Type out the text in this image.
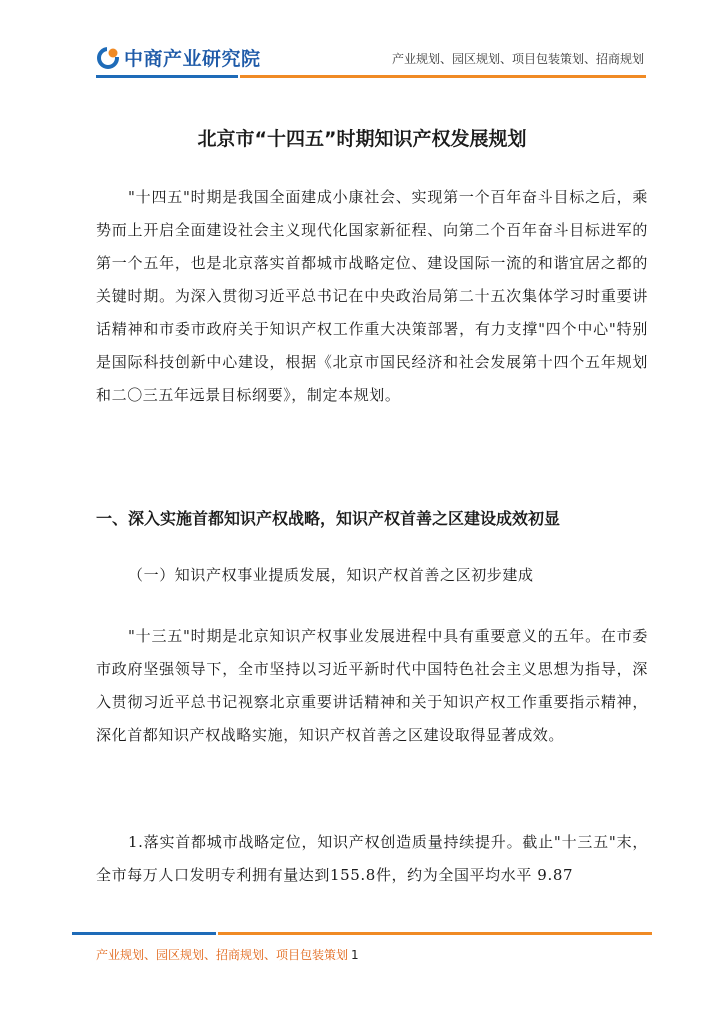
中商产业研究院	产业规划、园区规划、项目包装策划、招商规划
北京市“十四五”时期知识产权发展规划
"十四五"时期是我国全面建成小康社会、实现第一个百年奋斗目标之后，乘势而上开启全面建设社会主义现代化国家新征程、向第二个百年奋斗目标进军的第一个五年，也是北京落实首都城市战略定位、建设国际一流的和谐宜居之都的关键时期。为深入贯彻习近平总书记在中央政治局第二十五次集体学习时重要讲话精神和市委市政府关于知识产权工作重大决策部署，有力支撑"四个中心"特别是国际科技创新中心建设，根据《北京市国民经济和社会发展第十四个五年规划和二〇三五年远景目标纲要》，制定本规划。
一、深入实施首都知识产权战略，知识产权首善之区建设成效初显
（一）知识产权事业提质发展，知识产权首善之区初步建成
"十三五"时期是北京知识产权事业发展进程中具有重要意义的五年。在市委市政府坚强领导下，全市坚持以习近平新时代中国特色社会主义思想为指导，深入贯彻习近平总书记视察北京重要讲话精神和关于知识产权工作重要指示精神，深化首都知识产权战略实施，知识产权首善之区建设取得显著成效。
1.落实首都城市战略定位，知识产权创造质量持续提升。截止"十三五"末，全市每万人口发明专利拥有量达到155.8件，约为全国平均水平 9.87
产业规划、园区规划、招商规划、项目包装策划 1
